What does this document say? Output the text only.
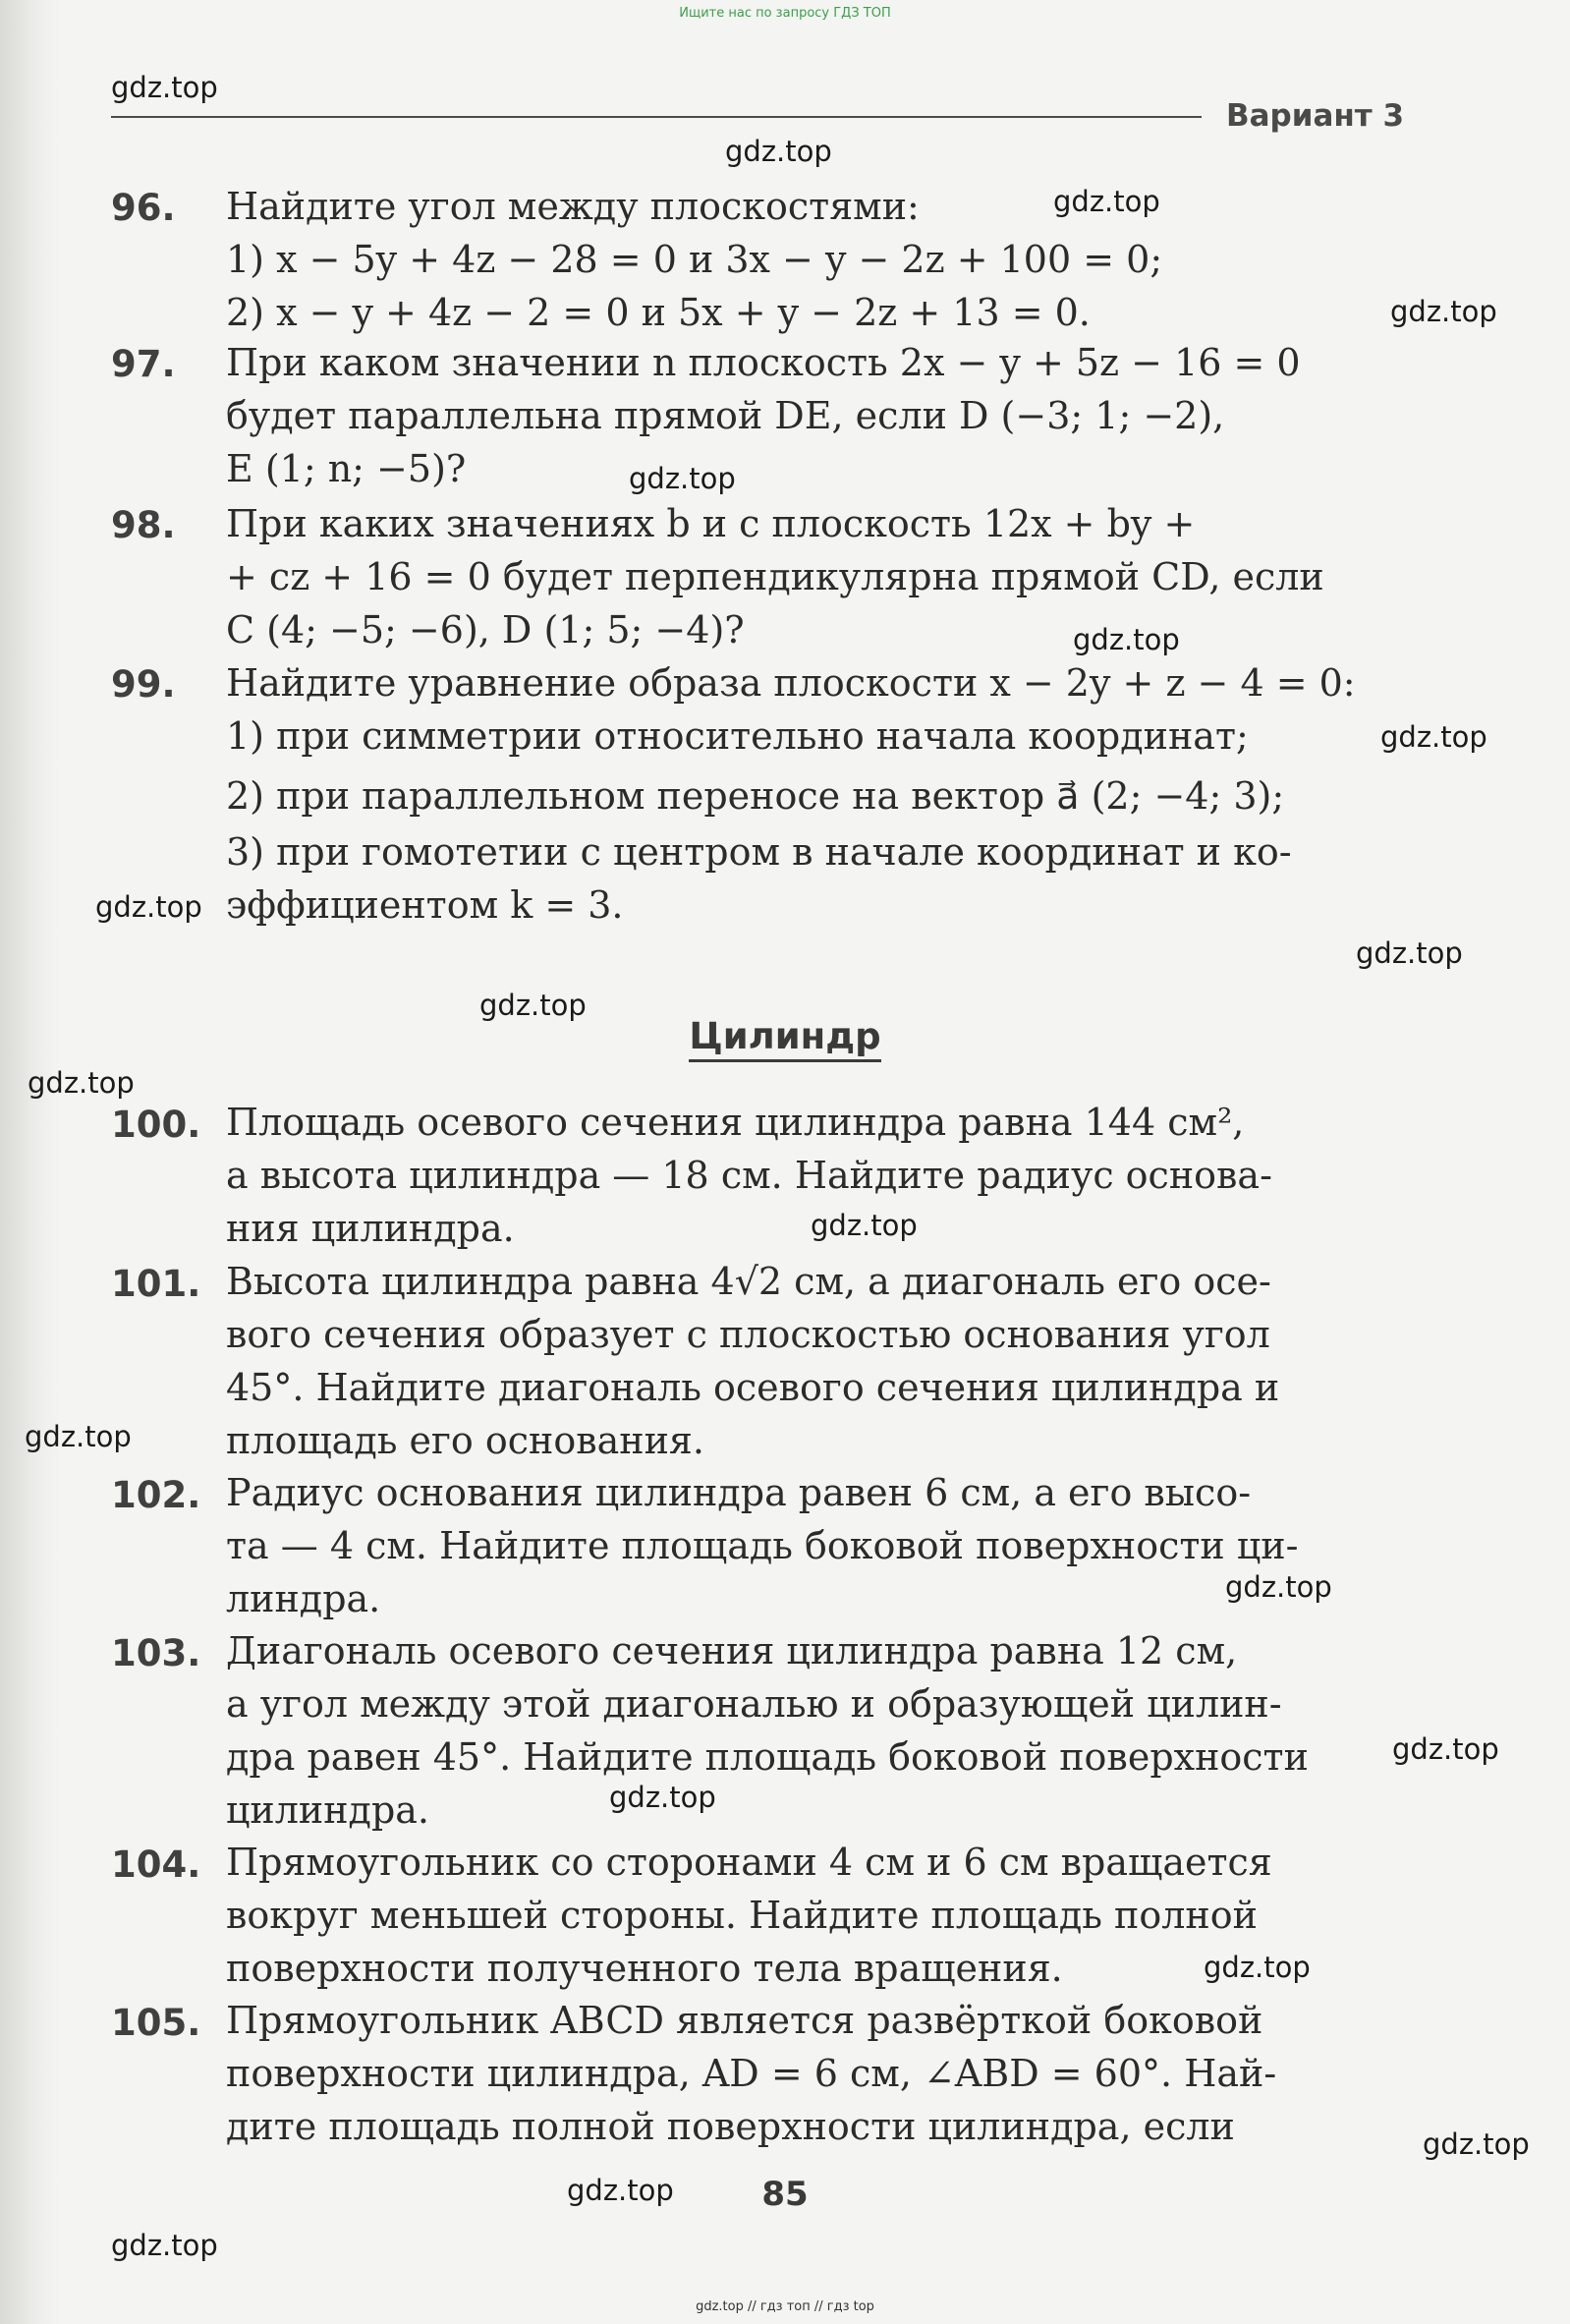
Ищите нас по запросу ГДЗ ТОП
Вариант 3
gdz.top
gdz.top
gdz.top
gdz.top
gdz.top
gdz.top
gdz.top
gdz.top
gdz.top
gdz.top
gdz.top
gdz.top
gdz.top
gdz.top
gdz.top
gdz.top
gdz.top
gdz.top
gdz.top
gdz.top
96. Найдите угол между плоскостями:
1) x − 5y + 4z − 28 = 0 и 3x − y − 2z + 100 = 0;
2) x − y + 4z − 2 = 0 и 5x + y − 2z + 13 = 0.
97. При каком значении n плоскость 2x − y + 5z − 16 = 0
будет параллельна прямой DE, если D (−3; 1; −2),
E (1; n; −5)?
98. При каких значениях b и c плоскость 12x + by +
+ cz + 16 = 0 будет перпендикулярна прямой CD, если
C (4; −5; −6), D (1; 5; −4)?
99. Найдите уравнение образа плоскости x − 2y + z − 4 = 0:
1) при симметрии относительно начала координат;
2) при параллельном переносе на вектор a⃗ (2; −4; 3);
3) при гомотетии с центром в начале координат и ко-
эффициентом k = 3.
Цилиндр
100. Площадь осевого сечения цилиндра равна 144 см²,
а высота цилиндра — 18 см. Найдите радиус основа-
ния цилиндра.
101. Высота цилиндра равна 4√2 см, а диагональ его осе-
вого сечения образует с плоскостью основания угол
45°. Найдите диагональ осевого сечения цилиндра и
площадь его основания.
102. Радиус основания цилиндра равен 6 см, а его высо-
та — 4 см. Найдите площадь боковой поверхности ци-
линдра.
103. Диагональ осевого сечения цилиндра равна 12 см,
а угол между этой диагональю и образующей цилин-
дра равен 45°. Найдите площадь боковой поверхности
цилиндра.
104. Прямоугольник со сторонами 4 см и 6 см вращается
вокруг меньшей стороны. Найдите площадь полной
поверхности полученного тела вращения.
105. Прямоугольник ABCD является развёрткой боковой
поверхности цилиндра, AD = 6 см, ∠ABD = 60°. Най-
дите площадь полной поверхности цилиндра, если
85
gdz.top // гдз топ // гдз top
